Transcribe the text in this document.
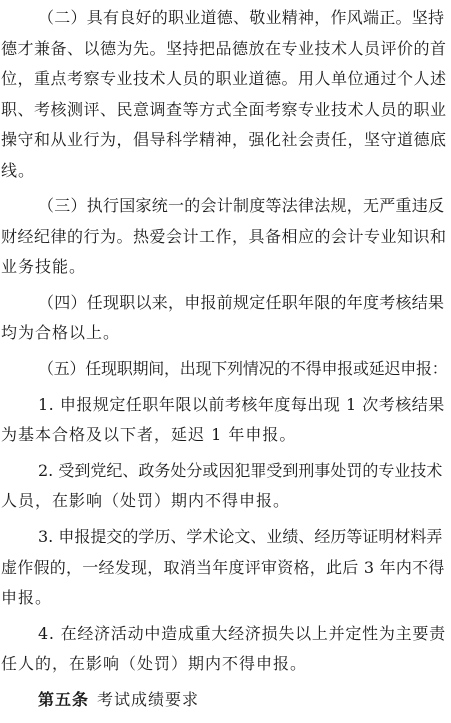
（二）具有良好的职业道德、敬业精神，作风端正。坚持
德才兼备、以德为先。坚持把品德放在专业技术人员评价的首
位，重点考察专业技术人员的职业道德。用人单位通过个人述
职、考核测评、民意调查等方式全面考察专业技术人员的职业
操守和从业行为，倡导科学精神，强化社会责任，坚守道德底
线。
（三）执行国家统一的会计制度等法律法规，无严重违反
财经纪律的行为。热爱会计工作，具备相应的会计专业知识和
业务技能。
（四）任现职以来，申报前规定任职年限的年度考核结果
均为合格以上。
（五）任现职期间，出现下列情况的不得申报或延迟申报：
1. 申报规定任职年限以前考核年度每出现 1 次考核结果
为基本合格及以下者，延迟 1 年申报。
2. 受到党纪、政务处分或因犯罪受到刑事处罚的专业技术
人员，在影响（处罚）期内不得申报。
3. 申报提交的学历、学术论文、业绩、经历等证明材料弄
虚作假的，一经发现，取消当年度评审资格，此后 3 年内不得
申报。
4. 在经济活动中造成重大经济损失以上并定性为主要责
任人的，在影响（处罚）期内不得申报。
第五条 考试成绩要求
